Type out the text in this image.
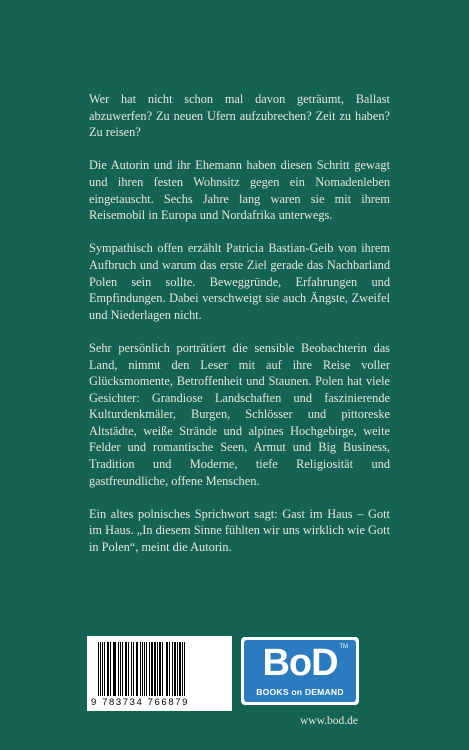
Wer hat nicht schon mal davon geträumt, Ballast abzuwerfen? Zu neuen Ufern aufzubrechen? Zeit zu haben? Zu reisen?

Die Autorin und ihr Ehemann haben diesen Schritt gewagt und ihren festen Wohnsitz gegen ein Nomadenleben eingetauscht. Sechs Jahre lang waren sie mit ihrem Reisemobil in Europa und Nordafrika unterwegs.

Sympathisch offen erzählt Patricia Bastian-Geib von ihrem Aufbruch und warum das erste Ziel gerade das Nachbarland Polen sein sollte. Beweggründe, Erfahrungen und Empfindungen. Dabei verschweigt sie auch Ängste, Zweifel und Niederlagen nicht.

Sehr persönlich porträtiert die sensible Beobachterin das Land, nimmt den Leser mit auf ihre Reise voller Glücksmomente, Betroffenheit und Staunen. Polen hat viele Gesichter: Grandiose Landschaften und faszinierende Kulturdenkmäler, Burgen, Schlösser und pittoreske Altstädte, weiße Strände und alpines Hochgebirge, weite Felder und romantische Seen, Armut und Big Business, Tradition und Moderne, tiefe Religiosität und gastfreundliche, offene Menschen.

Ein altes polnisches Sprichwort sagt: Gast im Haus – Gott im Haus. „In diesem Sinne fühlten wir uns wirklich wie Gott in Polen“, meint die Autorin.

9 783734 766879
BoD TM
BOOKS on DEMAND
www.bod.de
